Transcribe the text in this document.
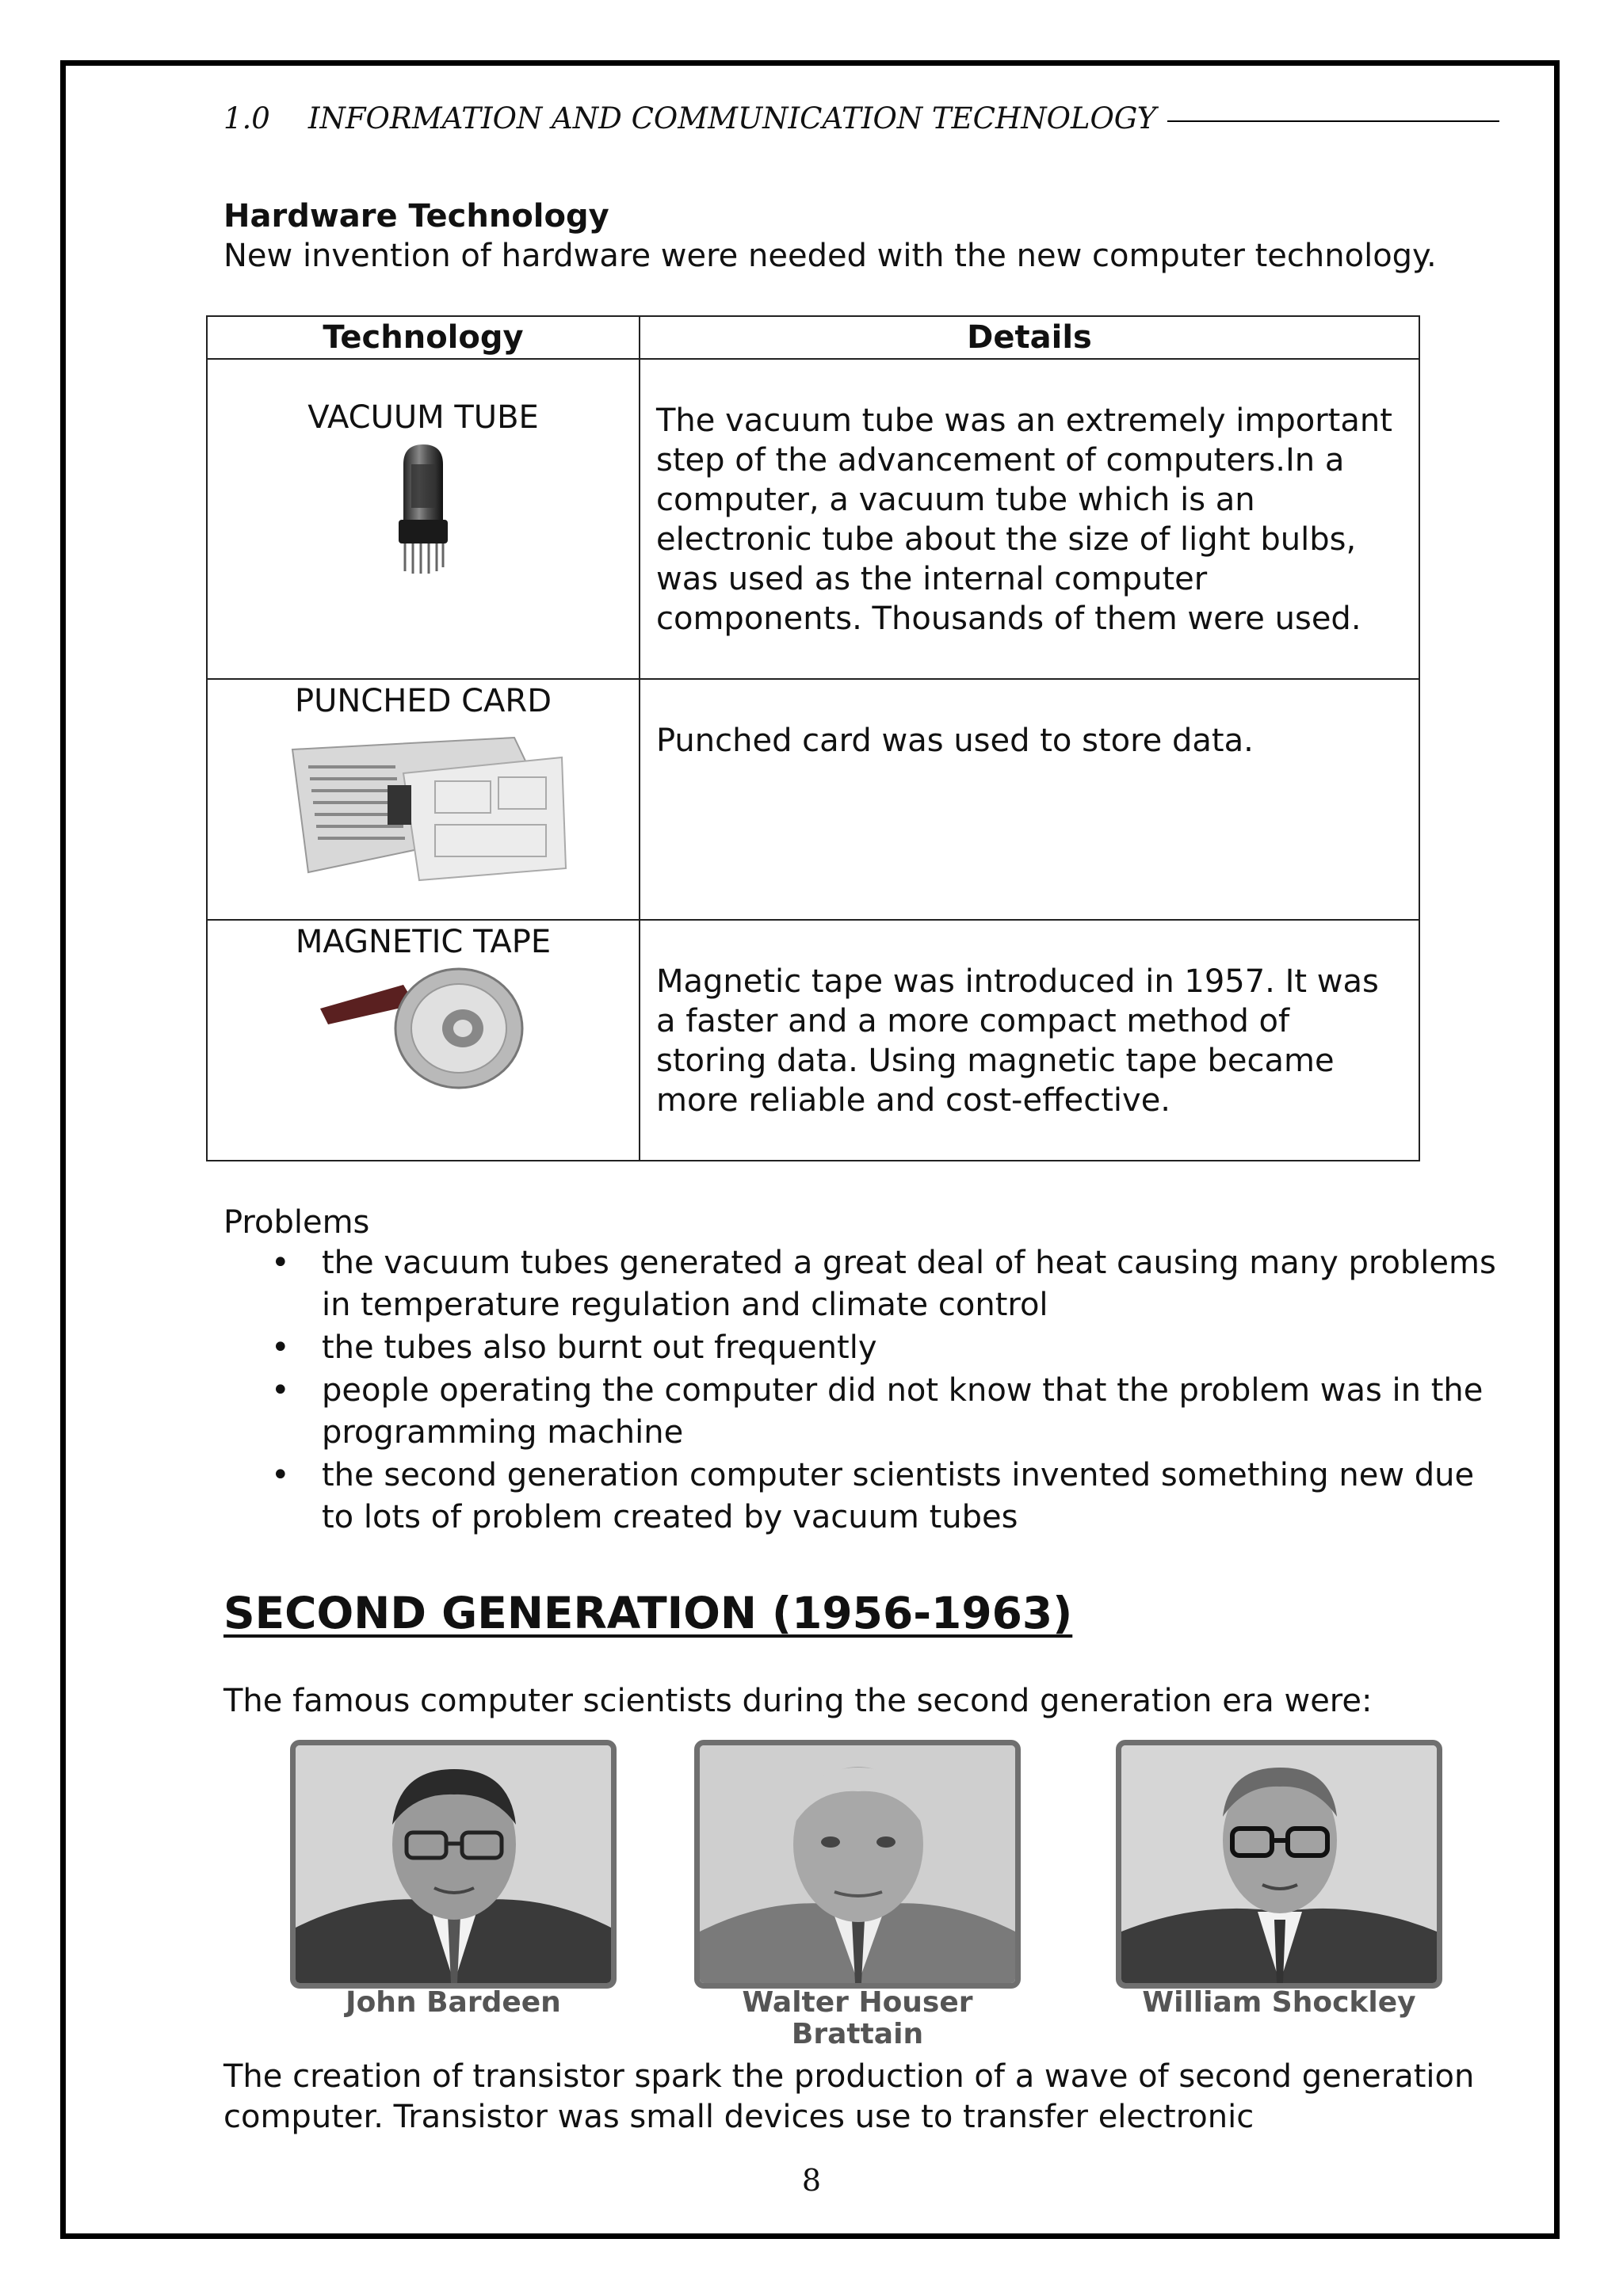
1.0 INFORMATION AND COMMUNICATION TECHNOLOGY
Hardware Technology
New invention of hardware were needed with the new computer technology.
Technology	Details

VACUUM TUBE	The vacuum tube was an extremely important step of the advancement of computers.In a computer, a vacuum tube which is an electronic tube about the size of light bulbs, was used as the internal computer components. Thousands of them were used.

PUNCHED CARD	Punched card was used to store data.

MAGNETIC TAPE	Magnetic tape was introduced in 1957. It was a faster and a more compact method of storing data. Using magnetic tape became more reliable and cost-effective.
Problems
• the vacuum tubes generated a great deal of heat causing many problems in temperature regulation and climate control
• the tubes also burnt out frequently
• people operating the computer did not know that the problem was in the programming machine
• the second generation computer scientists invented something new due to lots of problem created by vacuum tubes
SECOND GENERATION (1956-1963)
The famous computer scientists during the second generation era were:
John Bardeen	Walter Houser Brattain
William Shockley
The creation of transistor spark the production of a wave of second generation computer. Transistor was small devices use to transfer electronic
8
